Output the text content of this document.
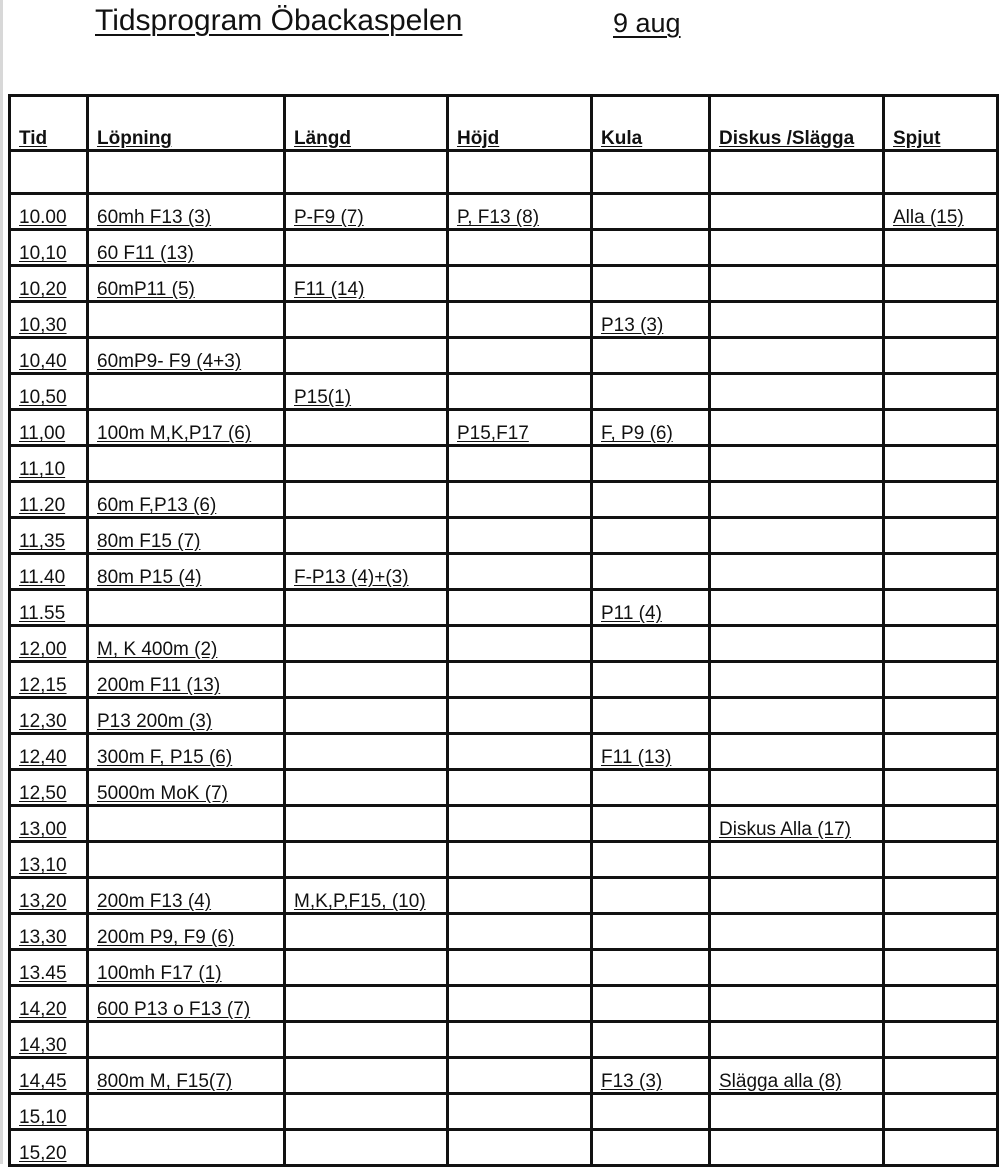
Tidsprogram Öbackaspelen	9 aug
Tid	Löpning	Längd	Höjd	Kula	Diskus /Slägga	Spjut

10.00	60mh F13 (3)	P-F9 (7)	P, F13 (8)			Alla (15)
10,10	60 F11 (13)					
10,20	60mP11 (5)	F11 (14)				
10,30				P13 (3)		
10,40	60mP9- F9 (4+3)					
10,50		P15(1)				
11,00	100m M,K,P17 (6)		P15,F17	F, P9 (6)		
11,10						
11.20	60m F,P13 (6)					
11,35	80m F15 (7)					
11.40	80m P15 (4)	F-P13 (4)+(3)				
11.55				P11 (4)		
12,00	M, K 400m (2)					
12,15	200m F11 (13)					
12,30	P13 200m (3)					
12,40	300m F, P15 (6)			F11 (13)		
12,50	5000m MoK (7)					
13,00					Diskus Alla (17)	
13,10						
13,20	200m F13 (4)	M,K,P,F15, (10)				
13,30	200m P9, F9 (6)					
13.45	100mh F17 (1)					
14,20	600 P13 o F13 (7)					
14,30						
14,45	800m M, F15(7)			F13 (3)	Slägga alla (8)	
15,10						
15,20						
